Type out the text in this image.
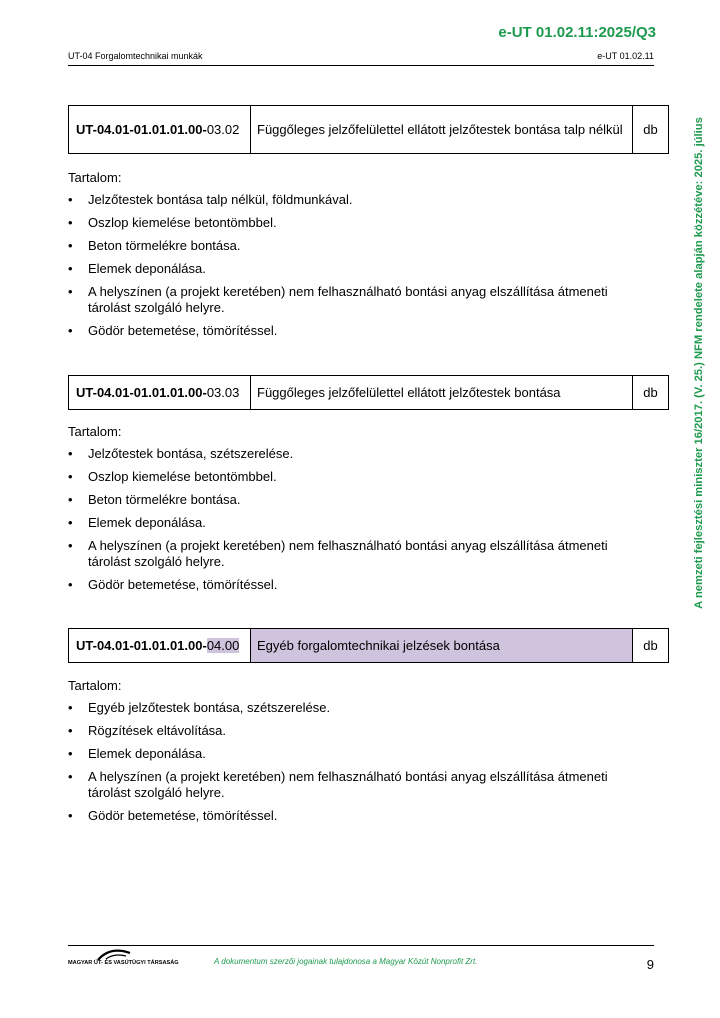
e-UT 01.02.11:2025/Q3
UT-04 Forgalomtechnikai munkák	e-UT 01.02.11
A nemzeti fejlesztési miniszter 16/2017. (V. 25.) NFM rendelete alapján közzétéve: 2025. július
UT-04.01-01.01.01.00-03.02	Függőleges jelzőfelülettel ellátott jelzőtestek bontása talp nélkül	db

Tartalom:

• Jelzőtestek bontása talp nélkül, földmunkával.
• Oszlop kiemelése betontömbbel.
• Beton törmelékre bontása.
• Elemek deponálása.
• A helyszínen (a projekt keretében) nem felhasználható bontási anyag elszállítása átmeneti tárolást szolgáló helyre.
• Gödör betemetése, tömörítéssel.
UT-04.01-01.01.01.00-03.03	Függőleges jelzőfelülettel ellátott jelzőtestek bontása	db

Tartalom:

• Jelzőtestek bontása, szétszerelése.
• Oszlop kiemelése betontömbbel.
• Beton törmelékre bontása.
• Elemek deponálása.
• A helyszínen (a projekt keretében) nem felhasználható bontási anyag elszállítása átmeneti tárolást szolgáló helyre.
• Gödör betemetése, tömörítéssel.
UT-04.01-01.01.01.00-04.00	Egyéb forgalomtechnikai jelzések bontása	db

Tartalom:

• Egyéb jelzőtestek bontása, szétszerelése.
• Rögzítések eltávolítása.
• Elemek deponálása.
• A helyszínen (a projekt keretében) nem felhasználható bontási anyag elszállítása átmeneti tárolást szolgáló helyre.
• Gödör betemetése, tömörítéssel.
MAGYAR ÚT- ÉS VASÚTÜGYI TÁRSASÁG	A dokumentum szerzői jogainak tulajdonosa a Magyar Közút Nonprofit Zrt.	9
